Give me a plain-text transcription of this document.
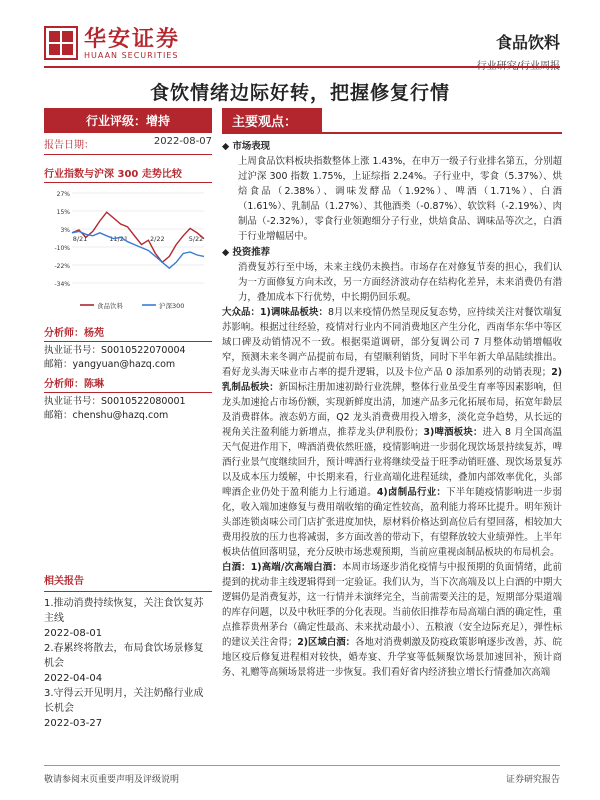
华安证券
HUAAN SECURITIES
食品饮料
行业研究/行业周报
食饮情绪边际好转，把握修复行情
行业评级：增持
报告日期：	2022-08-07
行业指数与沪深 300 走势比较
27%
15%
3%
-10%
-22%
-34%
8/21	11/21	2/22	5/22
食品饮料	沪深300
分析师：杨苑
执业证书号：S0010522070004
邮箱：yangyuan@hazq.com
分析师：陈琳
执业证书号：S0010522080001
邮箱：chenshu@hazq.com
相关报告

1.推动消费持续恢复，关注食饮复苏主线

2022-08-01

2.春累终将散去，布局食饮场景修复机会

2022-04-04

3.守得云开见明月，关注奶酪行业成长机会

2022-03-27

主要观点：
◆ 市场表现
上周食品饮料板块指数整体上涨 1.43%，在申万一级子行业排名第五，分别超过沪深 300 指数 1.75%，上证综指 2.24%。子行业中，零食（5.37%）、烘焙食品（2.38%）、调味发酵品（1.92%）、啤酒（1.71%）、白酒（1.61%）、乳制品（1.27%）、其他酒类（-0.87%）、软饮料（-2.19%）、肉制品（-2.32%），零食行业领跑细分子行业，烘焙食品、调味品等次之，白酒于行业增幅居中。
◆ 投资推荐
消费复苏行至中场，未来主线仍未换挡。市场存在对修复节奏的担心，我们认为一方面修复方向未改，另一方面经济波动存在结构化差异，未来消费仍有潜力，叠加成本下行优势，中长期仍回乐观。
大众品：1)调味品板块：8月以来疫情仍然呈现反复态势，应持续关注对餐饮端复苏影响。根据过往经验，疫情对行业内不同消费地区产生分化，西南华东华中等区域口碑及动销情况不一致。根据渠道调研，部分复调公司 7 月整体动销增幅收窄，预测未来冬调产品提前布局，有望顺利销货，同时下半年新大单品陆续推出。看好龙头海天味业市占率的提升逻辑，以及卡位产品 0 添加系列的动销表现；2)乳制品板块：新国标注册加速初龄行业洗牌，整体行业虽受生育率等因素影响，但龙头加速抢占市场份额，实现新鲜度出清，加速产品多元化拓展布局，拓宽年龄层及消费群体。液态奶方面，Q2 龙头消费费用投入增多，淡化竞争趋势，从长远的视角关注盈利能力新增点，推荐龙头伊利股份；3)啤酒板块：进入 8 月全国高温天气促进作用下，啤酒消费依然旺盛，疫情影响进一步弱化现饮场景持续复苏，啤酒行业景气度继续回升，预计啤酒行业将继续受益于旺季动销旺盛、现饮场景复苏以及成本压力缓解，中长期来看，行业高端化进程延续，叠加内部效率优化，头部啤酒企业仍处于盈利能力上行通道。4)卤制品行业：下半年随疫情影响进一步弱化，收入端加速修复与费用端收缩的确定性较高，盈利能力将环比提升。明年预计头部连锁卤味公司门店扩张进度加快，原材料价格达到高位后有望回落，相较加大费用投放的压力也将减弱，多方面改善的带动下，有望释放较大业绩弹性。上半年板块估值回落明显，充分反映市场悲观预期，当前应重视卤制品板块的布局机会。
白酒：1)高端/次高端白酒：本周市场逐步消化疫情与中报预期的负面情绪，此前提到的扰动非主线逻辑得到一定验证。我们认为，当下次高端及以上白酒的中期大逻辑仍是消费复苏，这一行情并未演绎完全，当前需要关注的是，短期部分渠道端的库存问题，以及中秋旺季的分化表现。当前依旧推荐布局高端白酒的确定性，重点推荐贵州茅台（确定性最高、未来扰动最小）、五粮液（安全边际充足），弹性标的建议关注舍得；2)区域白酒：各地对消费刺激及防疫政策影响逐步改善，苏、皖地区疫后修复进程相对较快，婚寿宴、升学宴等低频聚饮场景加速回补，预计商务、礼赠等高频场景将进一步恢复。我们看好省内经济独立增长行情叠加次高端
敬请参阅末页重要声明及评级说明	证券研究报告
